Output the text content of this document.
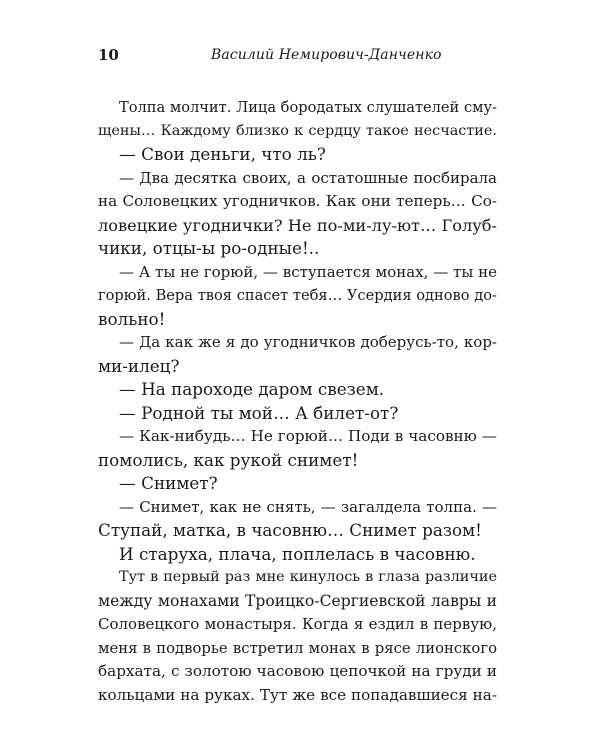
10	Василий Немирович-Данченко
Толпа молчит. Лица бородатых слушателей сму-
щены… Каждому близко к сердцу такое несчастие.
— Свои деньги, что ль?
— Два десятка своих, а остатошные посбирала
на Соловецких угодничков. Как они теперь… Со-
ловецкие угоднички? Не по-ми-лу-ют… Голуб-
чики, отцы-ы ро-одные!..
— А ты не горюй, — вступается монах, — ты не
горюй. Вера твоя спасет тебя… Усердия одново до-
вольно!
— Да как же я до угодничков доберусь-то, кор-
ми-илец?
— На пароходе даром свезем.
— Родной ты мой… А билет-от?
— Как-нибудь… Не горюй… Поди в часовню —
помолись, как рукой снимет!
— Снимет?
— Снимет, как не снять, — загалдела толпа. —
Ступай, матка, в часовню… Снимет разом!
И старуха, плача, поплелась в часовню.
Тут в первый раз мне кинулось в глаза различие
между монахами Троицко-Сергиевской лавры и
Соловецкого монастыря. Когда я ездил в первую,
меня в подворье встретил монах в рясе лионского
бархата, с золотою часовою цепочкой на груди и
кольцами на руках. Тут же все попадавшиеся на-
